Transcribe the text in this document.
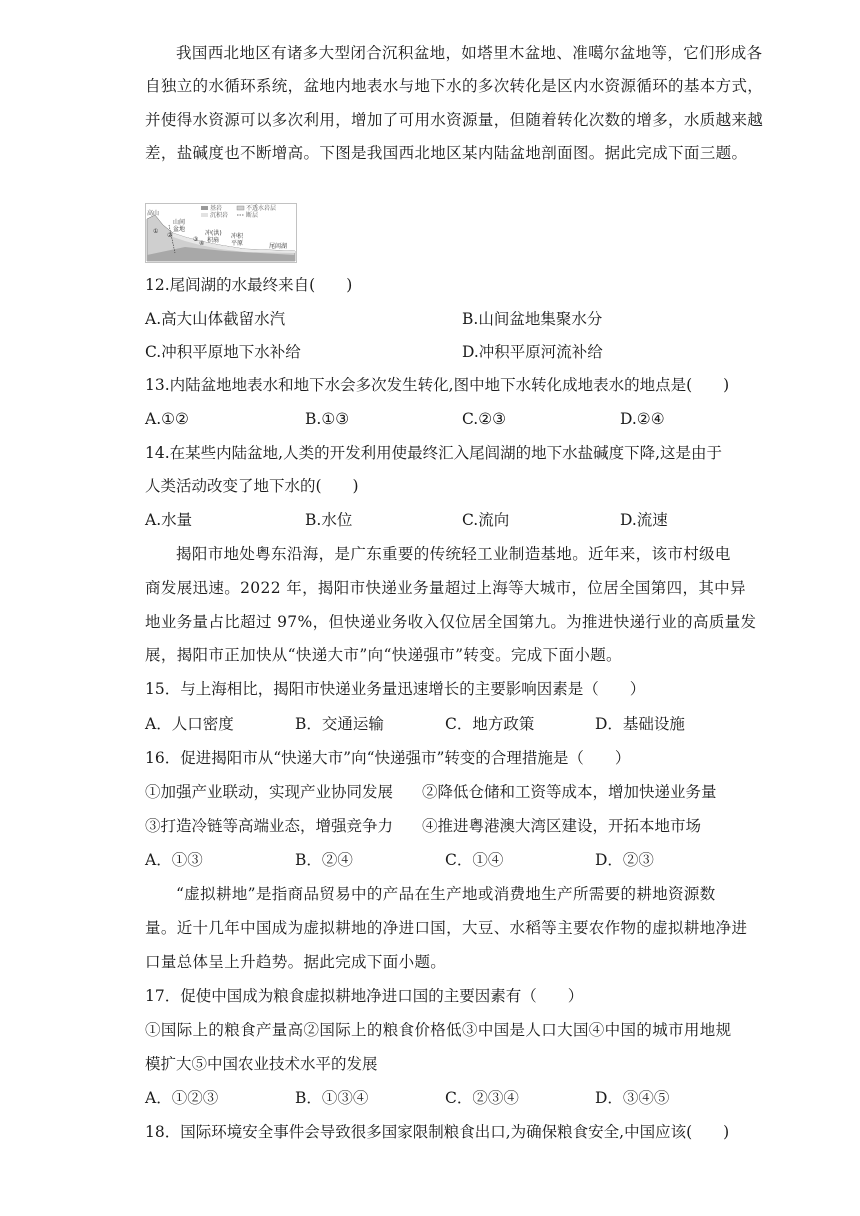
我国西北地区有诸多大型闭合沉积盆地，如塔里木盆地、准噶尔盆地等，它们形成各
自独立的水循环系统，盆地内地表水与地下水的多次转化是区内水资源循环的基本方式，
并使得水资源可以多次利用，增加了可用水资源量，但随着转化次数的增多，水质越来越
差，盐碱度也不断增高。下图是我国西北地区某内陆盆地剖面图。据此完成下面三题。
基岩	不透水岩层
沉积岩	断层
高山
山间
盆地
冲(洪)
积扇
冲积
平原	尾闾湖
①
②
③
④
12.尾闾湖的水最终来自(　　)
A.高大山体截留水汽	B.山间盆地集聚水分
C.冲积平原地下水补给	D.冲积平原河流补给
13.内陆盆地地表水和地下水会多次发生转化,图中地下水转化成地表水的地点是(　　)
A.①②	B.①③	C.②③	D.②④
14.在某些内陆盆地,人类的开发利用使最终汇入尾闾湖的地下水盐碱度下降,这是由于
人类活动改变了地下水的(　　)
A.水量	B.水位	C.流向	D.流速
揭阳市地处粤东沿海，是广东重要的传统轻工业制造基地。近年来，该市村级电
商发展迅速。2022 年，揭阳市快递业务量超过上海等大城市，位居全国第四，其中异
地业务量占比超过 97%，但快递业务收入仅位居全国第九。为推进快递行业的高质量发
展，揭阳市正加快从“快递大市”向“快递强市”转变。完成下面小题。
15．与上海相比，揭阳市快递业务量迅速增长的主要影响因素是（　　）
A．人口密度	B．交通运输	C．地方政策	D．基础设施
16．促进揭阳市从“快递大市”向“快递强市”转变的合理措施是（　　）
①加强产业联动，实现产业协同发展 ②降低仓储和工资等成本，增加快递业务量
③打造冷链等高端业态，增强竞争力 ④推进粤港澳大湾区建设，开拓本地市场
A．①③	B．②④	C．①④	D．②③
“虚拟耕地”是指商品贸易中的产品在生产地或消费地生产所需要的耕地资源数
量。近十几年中国成为虚拟耕地的净进口国，大豆、水稻等主要农作物的虚拟耕地净进
口量总体呈上升趋势。据此完成下面小题。
17．促使中国成为粮食虚拟耕地净进口国的主要因素有（　　）
①国际上的粮食产量高②国际上的粮食价格低③中国是人口大国④中国的城市用地规
模扩大⑤中国农业技术水平的发展
A．①②③	B．①③④	C．②③④	D．③④⑤
18．国际环境安全事件会导致很多国家限制粮食出口,为确保粮食安全,中国应该(　　)
